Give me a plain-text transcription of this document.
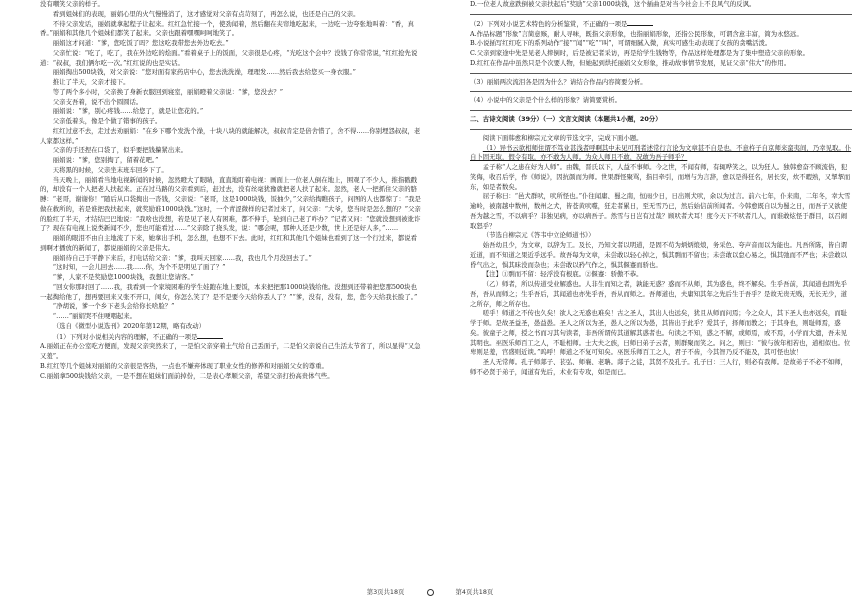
没有嘲笑父亲的样子。

看到姐妹们的表现，丽娟心里的火气慢慢消了，这才感觉对父亲有点苛刻了，再怎么说，也还是自己的父亲。

不待父亲发话，丽娟就拿起程子让起来。红红急忙接一个，使劲闻着，然后翻在夹帘地吃起来，一边吃一边夸张地叫着：“香，真香。”丽娟和其他几个姐妹们都笑了起来。父亲也跟着嘿嘿呵呵地笑了。

丽娟这才问道：“爹，您吃饭了吗？您这吃我带您去外边吃去。”

父亲忙说：“吃了，吃了，我在外边吃的烩面。”看着桌子上的饭面，父亲很是心疼，“光吃这个会中？没钱了你常常说，”红红抢先说道：“叔叔，我们俩尔吃一次。”红红说的也是实话。

丽娟掏出500块钱，对父亲说：“您对面有家药店中心，您去洗洗澡，理理发……然后我去给您买一身衣服。”

推让了半天，父亲才接下。

等了两个多小时，父亲换了身新衣服回到寝室，丽娟瞪着父亲说：“爹，您没去？”

父亲支吾着，说不出个圆圆话。

丽娟说：“爹，别心疼钱……给您了，就是让您花的。”

父亲低着头，像是个做了错事的孩子。

红红过意不去，走过去劝丽娟：“在乡下哪个发洗个澡，十块八块的就能解决，叔叔肯定是倍舍惜了，舍不得……你别埋怨叔叔，老人家都这样。”

父亲的手还捏在口袋了，似乎要把钱攥紧出来。

丽娟说：“爹，您别掏了，留着花吧。”

天将黑的时候，父亲坐末班车回乡下了。

当天晚上，丽娟看当地电视新闻的时候，忽然瞪大了眼睛，直直地盯着电视：画面上一位老人倒在地上，围观了不少人，推指戳戳的，却没有一个人把老人扶起来。正在过马路的父亲看到后，赶过去，没有丝毫犹豫就把老人扶了起来。忽然，老人一把抓住父亲的胳膊：“老哥，谢谢你！”随后从口袋掏出一沓钱，父亲说：“老哥，这是1000块钱，饭抽少，”父亲给掏瞧孩子，问图的人也都惊了：“我是做在救所的，若是谁把我扶起来，就奖励谁1000块钱。”这时，一个青涩微样的记者过来了，问父亲：“大爷，您当时是怎么想的？”父亲的脸红了半天，才结结巴巴地说：“我啥也没想，若是见了老人有困难，都不伸手，轮到自己老了咋办？”记者又问：“您就没想到被讹诈了？现在有电视上说类新闻不少，您也可能看过……”父亲除了挠头发，说：“哪会呢，那种人还是少数，世上还是好人多，”……

丽娟的眼泪不由自主地流了下来，她拿出手机，怎么想，也想不下去。此时，红红和其他几个姐妹也看到了这一个行过来，都说看到啊才播放的新闻了，都说丽娟的父亲是伟大。

丽娟待自己于平静下来后，打电话给父亲：“爹，我叫天回家……我，我也几个月没回去了。”

“这时知，一会儿回去……我……你，为个不是明见了面了？”

“爹，人家不是奖励您1000块钱，我想让您请客。”

“回女你那时回了……我，我看到一个家境困难的学生娃跑在地上要饭，本来把把那1000块钱给他。没想到还带着把您那500块也一起掏给他了，想再要回来又张不开口，闺女，你怎么笑了？是不是要今天给你丢人了？”“爹，没有，没有，您，您今天给我长脸了。”

“净胡说，爹一个乡下老头会给你长啥脸？”

“……”丽娟哭不住哽咽起来。

（选自《微型小说选刊》2020年第12期，略有改动）

（1）下列对小说相关内容的理解，不正确的一项是

A.丽娟正在办公室吃方便面，发现父亲突然来了，一是怕父亲穿着土气给自己丢面子，二是怕父亲说自己生活太节省了，所以显得“又急又羞”。

B.红红等几个姐妹对丽娟的父亲很是客热，一点也不嫌弃体现了职业女性的修养和对丽娟父女的尊重。

C.丽娟拿500块钱给父亲，一是不想在姐妹们面前掉份，二是表心孝顺父亲，希望父亲打扮高贵体气些。

D.一位老人故意跌倒被父亲扶起后“奖励”父亲1000块钱，这个插曲是对当今社会上不良风气的反讽。

（2）下列对小说艺术特色的分析鉴赏，不正确的一项是

A.作品标题“形象”言简意赅，耐人寻味，既指父亲形象，也指丽娟形象，还指公民形象，可谓含意丰富，简为永悠远。

B.小说插写红红吃下的系列动作“接”“闻”“吃”“叫”，可谓细腻入微，真实可感生动表现了女孩的贪嘴活泼。

C.父亲到家途中先是见老人摔倒时，后是被记者采访，再是给学生钱物等，作品这样处理都是为了集中塑造父亲的形象。

D.红红在作品中虽然只是个次要人物，但她起到烘托丽娟父女形象，推动故事情节发展，见证父亲“伟大”的作用。

（3）丽娟两次流泪各是因为什么？请结合作品内容简要分析。

（4）小说中的父亲是个什么样的形象？请简要赏析。

二、古诗文阅读（39分）（一）文言文阅读（本题共1小题，20分）

阅读下面韩愈和柳宗元文章的节选文字，完成下面小题。

（1）异书云欲相师住谓不笃业甚浅者呼啊其中未见可刑者述常行言论为文章甚不自是也，不意杵子自京师来蛮夷间，乃幸见取。仆自卜固无取，假令有取，亦不敢为人师。为众人师且不敢，况敢为吾子师乎？

孟子称“人之患在好为人师”。由魏，晋氏以下，人益不事师。今之世，不闻有师，有辄哗笑之，以为狂人。独韩愈奋不顾流俗，犯笑侮，收召后学，作《师说》，因抗颜而为师。世果群怪聚骂，指目牵引，而增与为言辞，愈以是得狂名，居长安，炊不暇熟，又挈挈而东，如是者数矣。

屈子称曰：“邑犬群吠，吠所怪也。”仆往闻庸、蜀之南，恒雨少日，日出则犬吠，余以为过言。前六七年，仆来南，二年冬，幸大雪逾岭，被南越中数州，数州之犬，皆苍黄吠噬，狂走者累日，至无雪乃已，然后始信前所闻者。今韩愈既自以为蜀之日，而吾子又欲使吾为越之雪，不以病乎？非独见病，亦以病吾子。然雪与日岂有过哉？顾吠者犬耳！度今天下不吠者几人，而谁敢炫怪于群目，以召闹取怒乎？

（节选自柳宗元《答韦中立论师道书》）

始吾幼且少，为文章，以辞为工。及长，乃知文者以明道，是固不苟为炳炳烺烺，务采色、夸声音而以为能也。凡吾所陈，皆自谓近道，而不知道之果近乎远乎。故吾每为文章，未尝敢以轻心掉之，惧其剽而不留也；未尝敢以怠心易之，惧其弛而不严也；未尝敢以昏气出之，惧其昧没而杂也；未尝敢以矜气作之，惧其偃蹇而骄也。

【注】①剽而不留：轻浮没有根底。②偃蹇：骄傲不恭。

（乙）师者，所以传道受业解惑也。人非生而知之者，孰能无惑？惑而不从师，其为惑也，终不解矣。生乎吾前，其闻道也固先乎吾，吾从而师之；生乎吾后，其闻道也亦先乎吾，吾从而师之。吾师道也，夫庸知其年之先后生于吾乎？是故无贵无贱，无长无少，道之所存，师之所存也。

嗟乎！师道之不传也久矣！欲人之无惑也难矣！古之圣人，其出人也远矣，犹且从师而问焉；今之众人，其下圣人也亦远矣，而耻学于师。是故圣益圣，愚益愚。圣人之所以为圣，愚人之所以为愚，其皆出于此乎？爱其子，择师而教之；于其身也，则耻师焉，惑矣。彼童子之师，授之书而习其句读者，非吾所谓传其道解其惑者也。句读之不知，惑之不解，或师焉，或不焉，小学而大遗，吾未见其明也。巫医乐师百工之人，不耻相师。士大夫之族，曰师曰弟子云者，则群聚而笑之。问之，则曰：“彼与彼年相若也，道相似也。位卑则足羞，官盛则近谀。”呜呼！师道之不复可知矣。巫医乐师百工之人，君子不齿，今其智乃反不能及，其可怪也欤！

圣人无常师。孔子师郯子、苌弘、师襄、老聃。郯子之徒，其贤不及孔子。孔子曰：三人行，则必有我师。是故弟子不必不如师，师不必贤于弟子，闻道有先后，术业有专攻，如是而已。

第3页共18页	第4页共18页
